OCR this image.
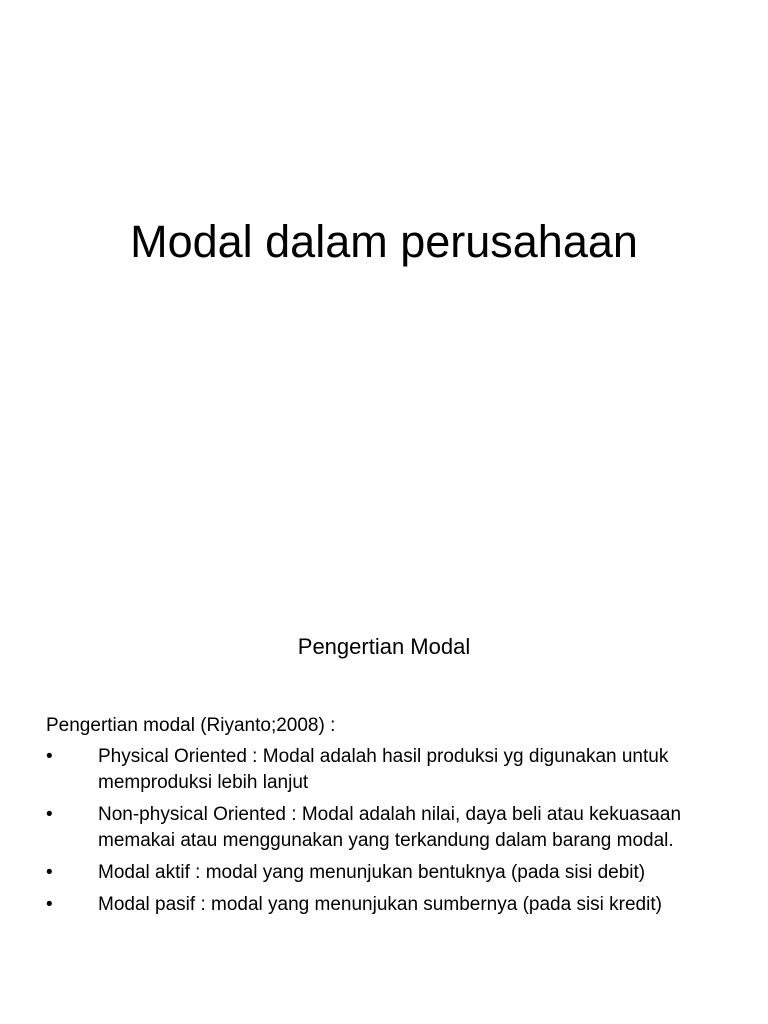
Modal dalam perusahaan
Pengertian Modal

Pengertian modal (Riyanto;2008) :

• Physical Oriented : Modal adalah hasil produksi yg digunakan untuk memproduksi lebih lanjut
• Non-physical Oriented : Modal adalah nilai, daya beli atau kekuasaan memakai atau menggunakan yang terkandung dalam barang modal.
• Modal aktif : modal yang menunjukan bentuknya (pada sisi debit)
• Modal pasif : modal yang menunjukan sumbernya (pada sisi kredit)
